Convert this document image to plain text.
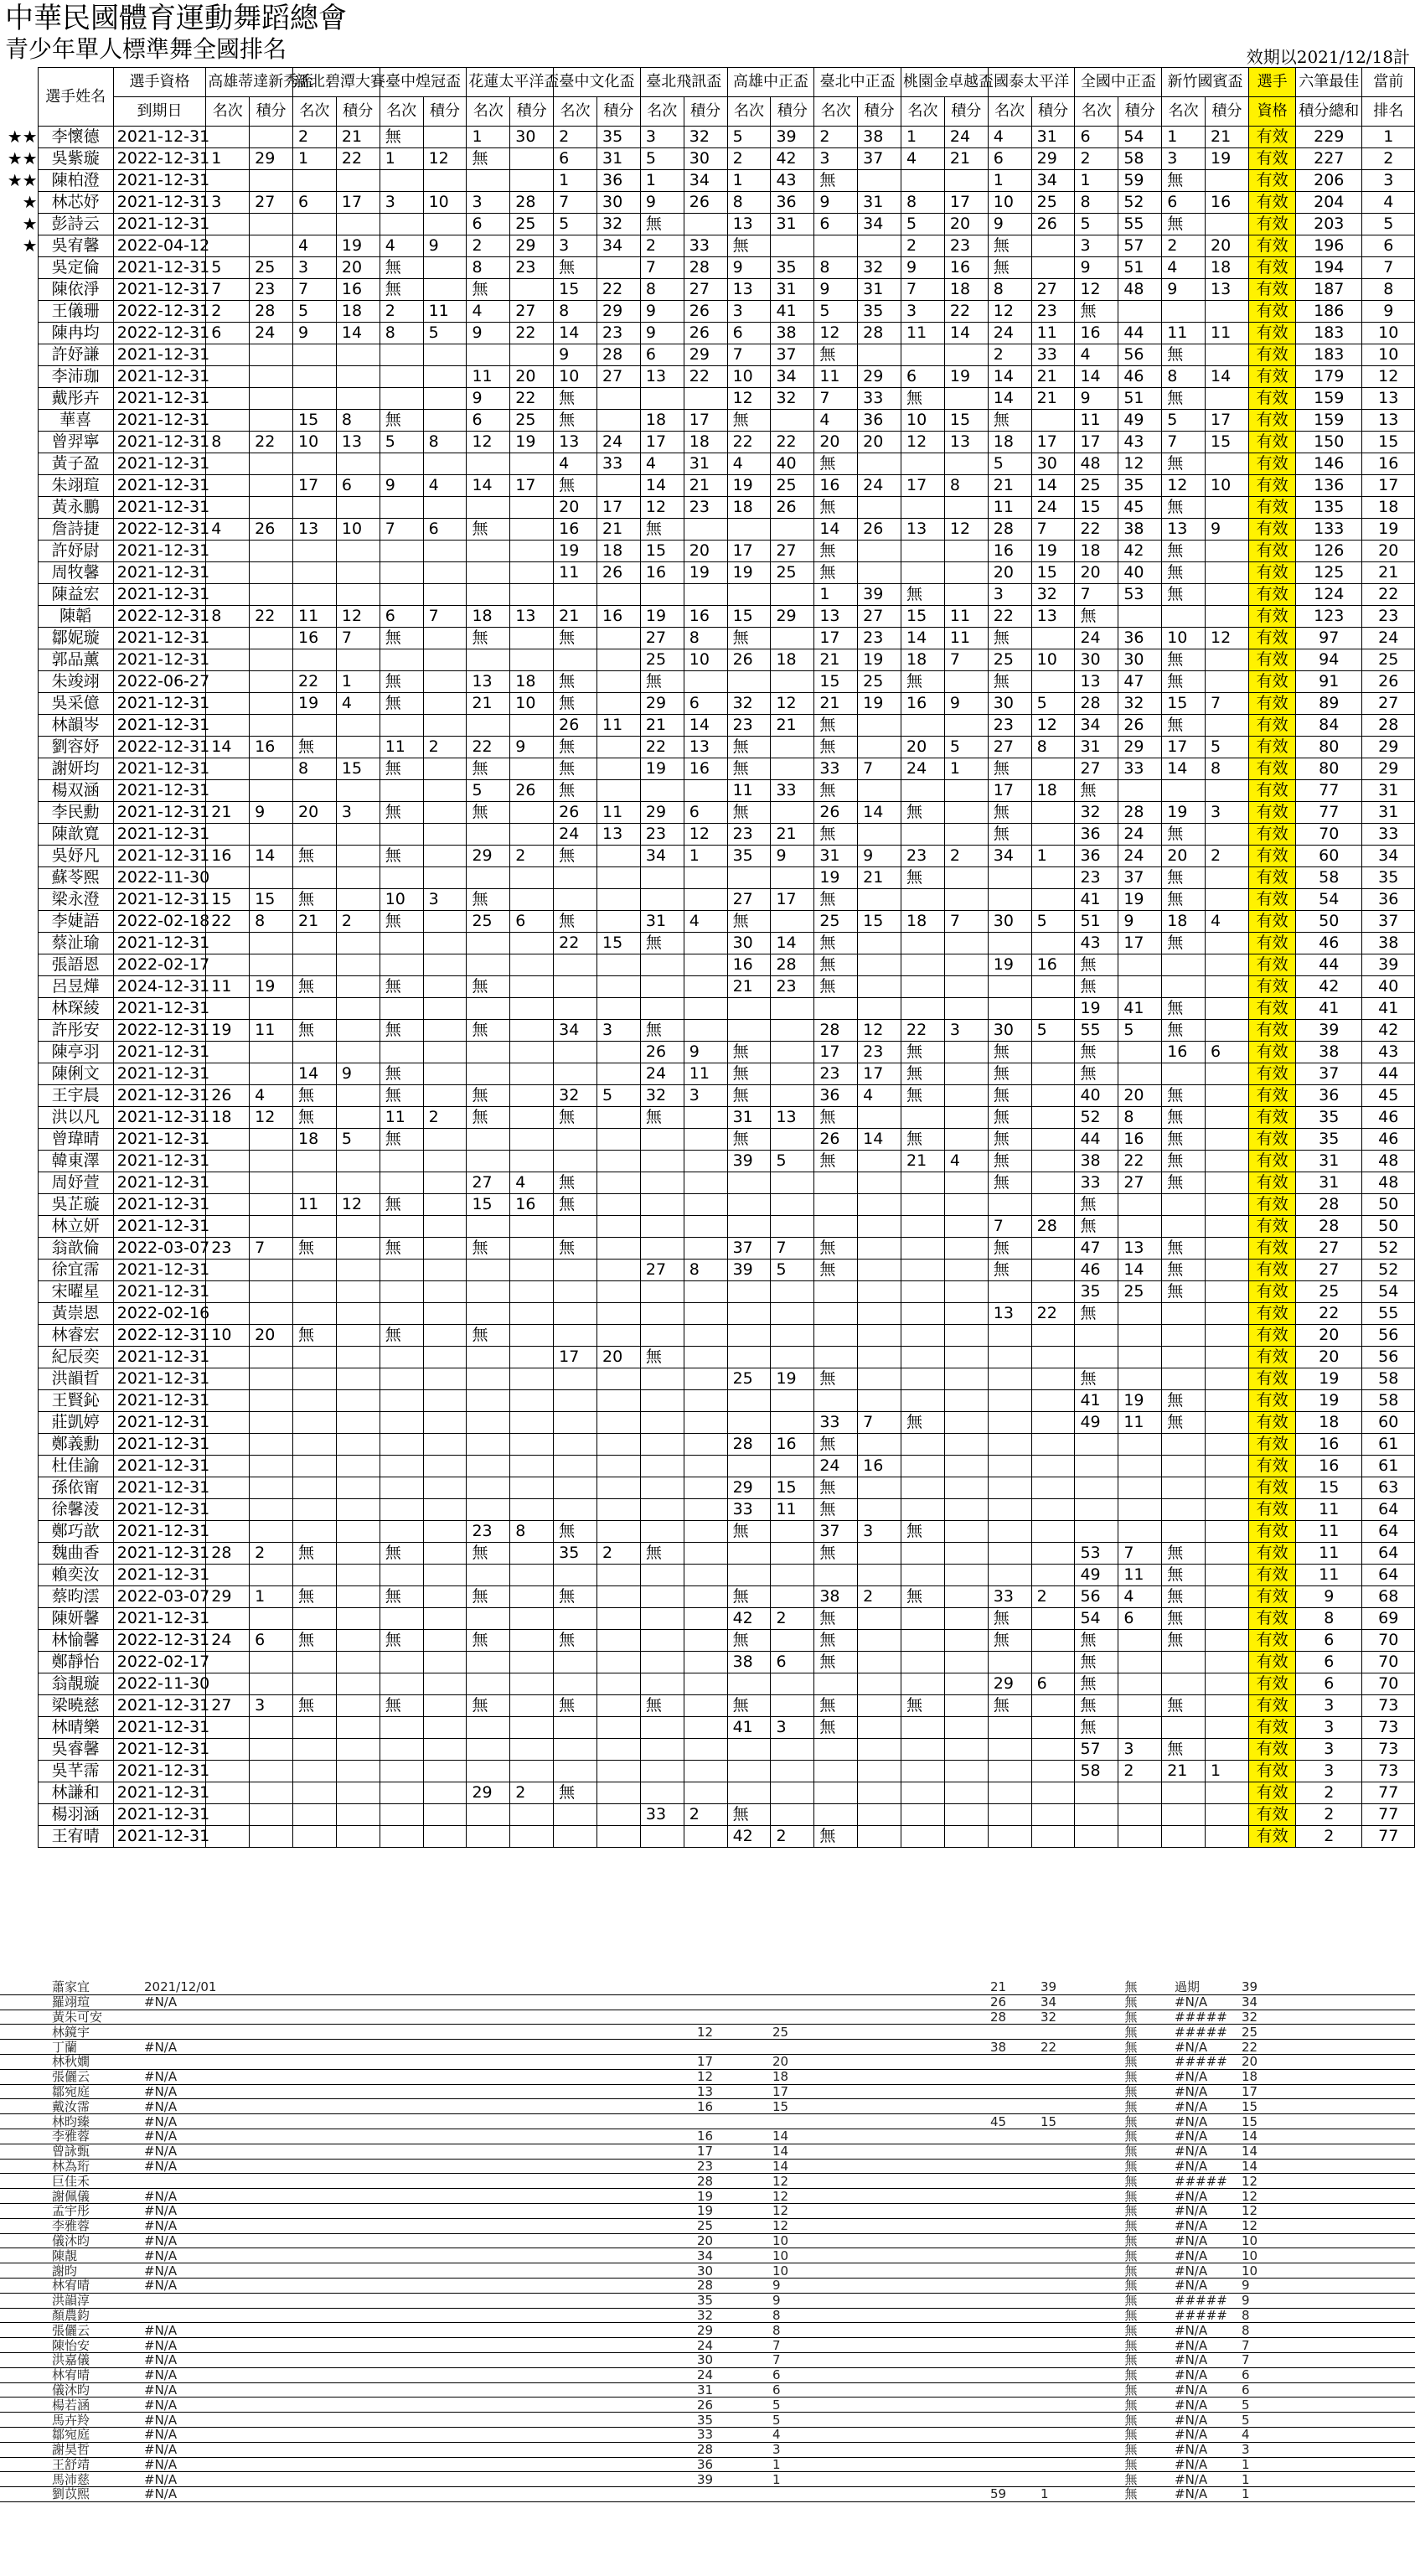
中華民國體育運動舞蹈總會
青少年單人標準舞全國排名	效期以2021/12/18計
	選手姓名	選手資格	高雄蒂達新秀盃		新北碧潭大賽		臺中煌冠盃		花蓮太平洋盃		臺中文化盃		臺北飛訊盃		高雄中正盃		臺北中正盃		桃園金卓越盃		國泰太平洋		全國中正盃		新竹國賓盃		選手	六筆最佳	當前
		到期日	名次	積分	名次	積分	名次	積分	名次	積分	名次	積分	名次	積分	名次	積分	名次	積分	名次	積分	名次	積分	名次	積分	名次	積分	資格	積分總和	排名
★★	李懷德	2021-12-31			2	21	無		1	30	2	35	3	32	5	39	2	38	1	24	4	31	6	54	1	21	有效	229	1
★★	吳紫璇	2022-12-31	1	29	1	22	1	12	無		6	31	5	30	2	42	3	37	4	21	6	29	2	58	3	19	有效	227	2
★★	陳柏澄	2021-12-31									1	36	1	34	1	43	無				1	34	1	59	無		有效	206	3
★	林芯妤	2021-12-31	3	27	6	17	3	10	3	28	7	30	9	26	8	36	9	31	8	17	10	25	8	52	6	16	有效	204	4
★	彭詩云	2021-12-31							6	25	5	32	無		13	31	6	34	5	20	9	26	5	55	無		有效	203	5
★	吳宥馨	2022-04-12			4	19	4	9	2	29	3	34	2	33	無				2	23	無		3	57	2	20	有效	196	6
	吳定倫	2021-12-31	5	25	3	20	無		8	23	無		7	28	9	35	8	32	9	16	無		9	51	4	18	有效	194	7
	陳依淨	2021-12-31	7	23	7	16	無		無		15	22	8	27	13	31	9	31	7	18	8	27	12	48	9	13	有效	187	8
	王儀珊	2022-12-31	2	28	5	18	2	11	4	27	8	29	9	26	3	41	5	35	3	22	12	23	無				有效	186	9
	陳冉均	2022-12-31	6	24	9	14	8	5	9	22	14	23	9	26	6	38	12	28	11	14	24	11	16	44	11	11	有效	183	10
	許妤謙	2021-12-31									9	28	6	29	7	37	無				2	33	4	56	無		有效	183	10
	李沛珈	2021-12-31							11	20	10	27	13	22	10	34	11	29	6	19	14	21	14	46	8	14	有效	179	12
	戴彤卉	2021-12-31							9	22	無				12	32	7	33	無		14	21	9	51	無		有效	159	13
	華喜	2021-12-31			15	8	無		6	25	無		18	17	無		4	36	10	15	無		11	49	5	17	有效	159	13
	曾羿寧	2021-12-31	8	22	10	13	5	8	12	19	13	24	17	18	22	22	20	20	12	13	18	17	17	43	7	15	有效	150	15
	黃子盈	2021-12-31									4	33	4	31	4	40	無				5	30	48	12	無		有效	146	16
	朱翊瑄	2021-12-31			17	6	9	4	14	17	無		14	21	19	25	16	24	17	8	21	14	25	35	12	10	有效	136	17
	黃永鵬	2021-12-31									20	17	12	23	18	26	無				11	24	15	45	無		有效	135	18
	詹詩捷	2022-12-31	4	26	13	10	7	6	無		16	21	無				14	26	13	12	28	7	22	38	13	9	有效	133	19
	許妤尉	2021-12-31									19	18	15	20	17	27	無				16	19	18	42	無		有效	126	20
	周牧馨	2021-12-31									11	26	16	19	19	25	無				20	15	20	40	無		有效	125	21
	陳益宏	2021-12-31															1	39	無		3	32	7	53	無		有效	124	22
	陳韜	2022-12-31	8	22	11	12	6	7	18	13	21	16	19	16	15	29	13	27	15	11	22	13	無				有效	123	23
	鄒妮璇	2021-12-31			16	7	無		無		無		27	8	無		17	23	14	11	無		24	36	10	12	有效	97	24
	郭品薰	2021-12-31											25	10	26	18	21	19	18	7	25	10	30	30	無		有效	94	25
	朱竣翊	2022-06-27			22	1	無		13	18	無		無				15	25	無		無		13	47	無		有效	91	26
	吳采億	2021-12-31			19	4	無		21	10	無		29	6	32	12	21	19	16	9	30	5	28	32	15	7	有效	89	27
	林韻岑	2021-12-31									26	11	21	14	23	21	無				23	12	34	26	無		有效	84	28
	劉容妤	2022-12-31	14	16	無		11	2	22	9	無		22	13	無		無		20	5	27	8	31	29	17	5	有效	80	29
	謝妍均	2021-12-31			8	15	無		無		無		19	16	無		33	7	24	1	無		27	33	14	8	有效	80	29
	楊双涵	2021-12-31							5	26	無				11	33	無				17	18	無				有效	77	31
	李民勳	2021-12-31	21	9	20	3	無		無		26	11	29	6	無		26	14	無		無		32	28	19	3	有效	77	31
	陳歆寬	2021-12-31									24	13	23	12	23	21	無				無		36	24	無		有效	70	33
	吳妤凡	2021-12-31	16	14	無		無		29	2	無		34	1	35	9	31	9	23	2	34	1	36	24	20	2	有效	60	34
	蘇苓熙	2022-11-30															19	21	無				23	37	無		有效	58	35
	梁永澄	2021-12-31	15	15	無		10	3	無						27	17	無						41	19	無		有效	54	36
	李婕語	2022-02-18	22	8	21	2	無		25	6	無		31	4	無		25	15	18	7	30	5	51	9	18	4	有效	50	37
	蔡沚瑜	2021-12-31									22	15	無		30	14	無						43	17	無		有效	46	38
	張語恩	2022-02-17													16	28	無				19	16	無				有效	44	39
	呂昱燁	2024-12-31	11	19	無		無		無						21	23	無						無				有效	42	40
	林琛綾	2021-12-31																					19	41	無		有效	41	41
	許彤安	2022-12-31	19	11	無		無		無		34	3	無				28	12	22	3	30	5	55	5	無		有效	39	42
	陳亭羽	2021-12-31											26	9	無		17	23	無		無		無		16	6	有效	38	43
	陳俐文	2021-12-31			14	9	無						24	11	無		23	17	無		無		無				有效	37	44
	王宇晨	2021-12-31	26	4	無		無		無		32	5	32	3	無		36	4	無		無		40	20	無		有效	36	45
	洪以凡	2021-12-31	18	12	無		11	2	無		無		無		31	13	無				無		52	8	無		有效	35	46
	曾瑋晴	2021-12-31			18	5	無								無		26	14	無		無		44	16	無		有效	35	46
	韓東澤	2021-12-31													39	5	無		21	4	無		38	22	無		有效	31	48
	周妤萱	2021-12-31							27	4	無										無		33	27	無		有效	31	48
	吳芷璇	2021-12-31			11	12	無		15	16	無												無				有效	28	50
	林立妍	2021-12-31																			7	28	無				有效	28	50
	翁歆倫	2022-03-07	23	7	無		無		無		無				37	7	無				無		47	13	無		有效	27	52
	徐宜霈	2021-12-31											27	8	39	5	無				無		46	14	無		有效	27	52
	宋曜星	2021-12-31																					35	25	無		有效	25	54
	黃崇恩	2022-02-16																			13	22	無				有效	22	55
	林睿宏	2022-12-31	10	20	無		無		無																		有效	20	56
	紀辰奕	2021-12-31									17	20	無														有效	20	56
	洪韻晢	2021-12-31													25	19	無						無				有效	19	58
	王賢鈊	2021-12-31																					41	19	無		有效	19	58
	莊凱婷	2021-12-31															33	7	無				49	11	無		有效	18	60
	鄭義勳	2021-12-31													28	16	無										有效	16	61
	杜佳諭	2021-12-31															24	16									有效	16	61
	孫依甯	2021-12-31													29	15	無										有效	15	63
	徐馨淩	2021-12-31													33	11	無										有效	11	64
	鄭巧歆	2021-12-31							23	8	無				無		37	3	無								有效	11	64
	魏曲香	2021-12-31	28	2	無		無		無		35	2	無				無						53	7	無		有效	11	64
	賴奕汝	2021-12-31																					49	11	無		有效	11	64
	蔡昀澐	2022-03-07	29	1	無		無		無		無				無		38	2	無		33	2	56	4	無		有效	9	68
	陳妍馨	2021-12-31													42	2	無				無		54	6	無		有效	8	69
	林愉馨	2022-12-31	24	6	無		無		無		無				無		無				無		無		無		有效	6	70
	鄭靜怡	2022-02-17													38	6	無						無				有效	6	70
	翁靚璇	2022-11-30																			29	6	無				有效	6	70
	梁曉慈	2021-12-31	27	3	無		無		無		無		無		無		無		無		無		無		無		有效	3	73
	林晴樂	2021-12-31													41	3	無						無				有效	3	73
	吳睿馨	2021-12-31																					57	3	無		有效	3	73
	吳芊霈	2021-12-31																					58	2	21	1	有效	3	73
	林謙和	2021-12-31							29	2	無																有效	2	77
	楊羽涵	2021-12-31											33	2	無												有效	2	77
	王宥晴	2021-12-31													42	2	無										有效	2	77
	蕭家宜	2021/12/01				21	39	無	過期	39
	羅翊瑄	#N/A				26	34	無	#N/A	34
	黃朱可安					28	32	無	#####	32
	林鏡宇		12	25				無	#####	25
	丁蘭	#N/A				38	22	無	#N/A	22
	林秋嫺		17	20				無	#####	20
	張儷云	#N/A	12	18				無	#N/A	18
	鄒宛庭	#N/A	13	17				無	#N/A	17
	戴汝霈	#N/A	16	15				無	#N/A	15
	林昀臻	#N/A				45	15	無	#N/A	15
	李雅蓉	#N/A	16	14				無	#N/A	14
	曾詠甄	#N/A	17	14				無	#N/A	14
	林為珩	#N/A	23	14				無	#N/A	14
	巨佳禾		28	12				無	#####	12
	謝佩儀	#N/A	19	12				無	#N/A	12
	孟宇彤	#N/A	19	12				無	#N/A	12
	李雅蓉	#N/A	25	12				無	#N/A	12
	儀沐昀	#N/A	20	10				無	#N/A	10
	陳靚	#N/A	34	10				無	#N/A	10
	謝昀	#N/A	30	10				無	#N/A	10
	林宥晴	#N/A	28	9				無	#N/A	9
	洪韻淳		35	9				無	#####	9
	顏農鈞		32	8				無	#####	8
	張儷云	#N/A	29	8				無	#N/A	8
	陳怡安	#N/A	24	7				無	#N/A	7
	洪嘉儀	#N/A	30	7				無	#N/A	7
	林宥晴	#N/A	24	6				無	#N/A	6
	儀沐昀	#N/A	31	6				無	#N/A	6
	楊若涵	#N/A	26	5				無	#N/A	5
	馬卉羚	#N/A	35	5				無	#N/A	5
	鄒宛庭	#N/A	33	4				無	#N/A	4
	謝昊哲	#N/A	28	3				無	#N/A	3
	王舒靖	#N/A	36	1				無	#N/A	1
	馬沛慈	#N/A	39	1				無	#N/A	1
	劉苡熙	#N/A				59	1	無	#N/A	1
